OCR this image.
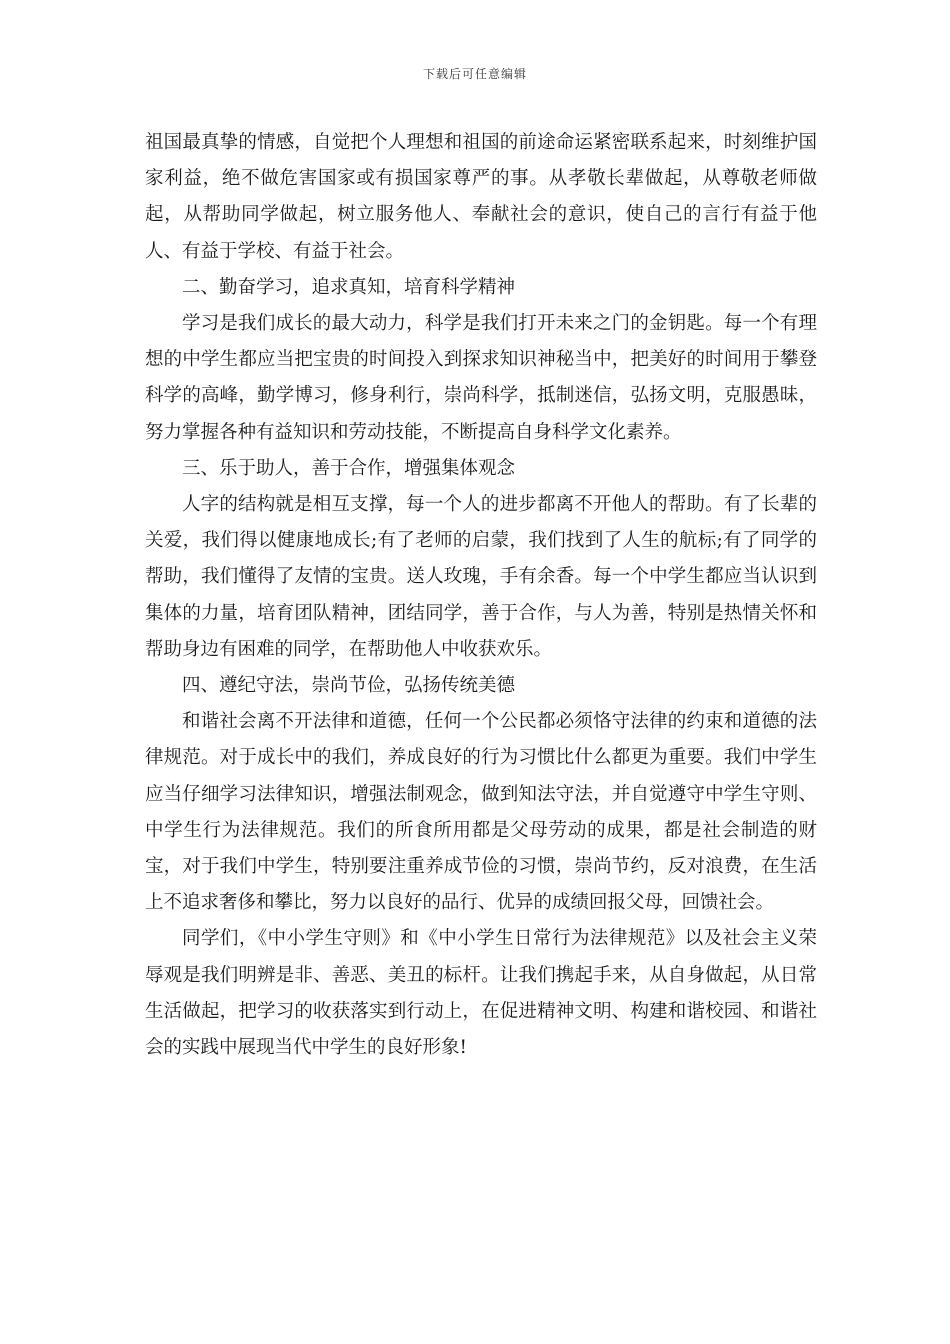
下载后可任意编辑

祖国最真挚的情感，自觉把个人理想和祖国的前途命运紧密联系起来，时刻维护国家利益，绝不做危害国家或有损国家尊严的事。从孝敬长辈做起，从尊敬老师做起，从帮助同学做起，树立服务他人、奉献社会的意识，使自己的言行有益于他人、有益于学校、有益于社会。

二、勤奋学习，追求真知，培育科学精神

学习是我们成长的最大动力，科学是我们打开未来之门的金钥匙。每一个有理想的中学生都应当把宝贵的时间投入到探求知识神秘当中，把美好的时间用于攀登科学的高峰，勤学博习，修身利行，崇尚科学，抵制迷信，弘扬文明，克服愚昧，努力掌握各种有益知识和劳动技能，不断提高自身科学文化素养。

三、乐于助人，善于合作，增强集体观念

人字的结构就是相互支撑，每一个人的进步都离不开他人的帮助。有了长辈的关爱，我们得以健康地成长;有了老师的启蒙，我们找到了人生的航标;有了同学的帮助，我们懂得了友情的宝贵。送人玫瑰，手有余香。每一个中学生都应当认识到集体的力量，培育团队精神，团结同学，善于合作，与人为善，特别是热情关怀和帮助身边有困难的同学，在帮助他人中收获欢乐。

四、遵纪守法，崇尚节俭，弘扬传统美德

和谐社会离不开法律和道德，任何一个公民都必须恪守法律的约束和道德的法律规范。对于成长中的我们，养成良好的行为习惯比什么都更为重要。我们中学生应当仔细学习法律知识，增强法制观念，做到知法守法，并自觉遵守中学生守则、中学生行为法律规范。我们的所食所用都是父母劳动的成果，都是社会制造的财宝，对于我们中学生，特别要注重养成节俭的习惯，崇尚节约，反对浪费，在生活上不追求奢侈和攀比，努力以良好的品行、优异的成绩回报父母，回馈社会。

同学们，《中小学生守则》和《中小学生日常行为法律规范》以及社会主义荣辱观是我们明辨是非、善恶、美丑的标杆。让我们携起手来，从自身做起，从日常生活做起，把学习的收获落实到行动上，在促进精神文明、构建和谐校园、和谐社会的实践中展现当代中学生的良好形象!
